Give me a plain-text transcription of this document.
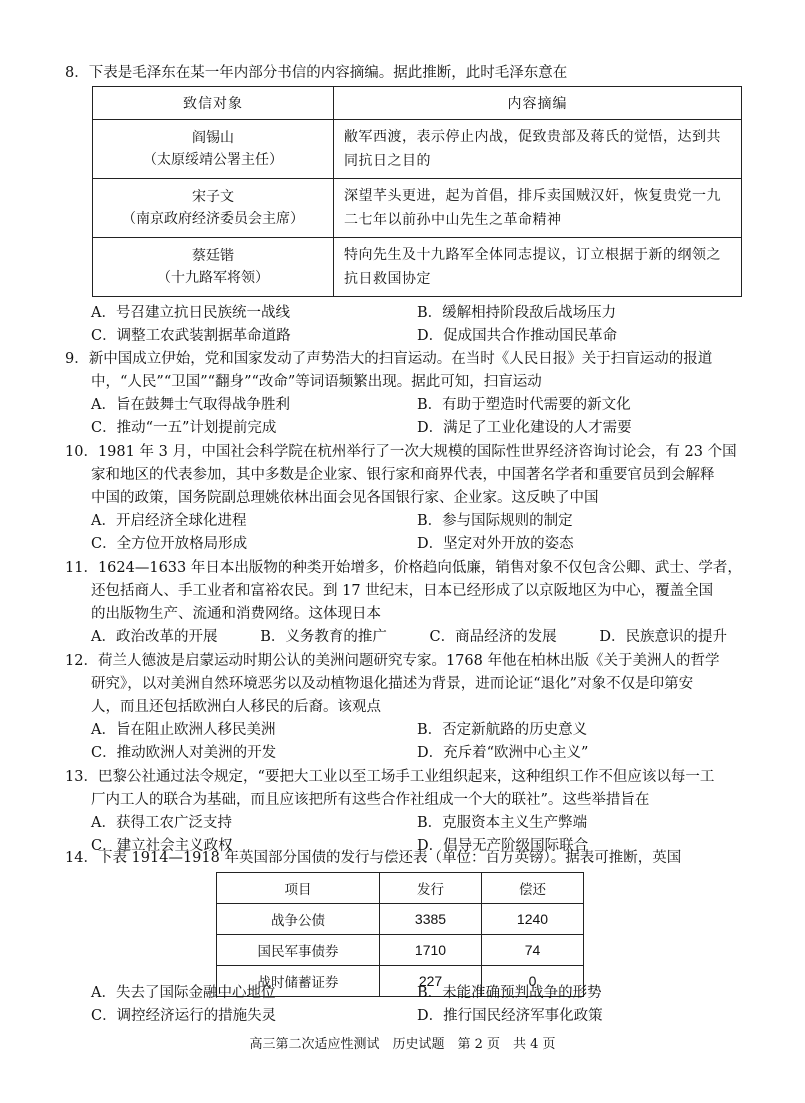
8．下表是毛泽东在某一年内部分书信的内容摘编。据此推断，此时毛泽东意在

致信对象	内容摘编

阎锡山
（太原绥靖公署主任）	敝军西渡，表示停止内战，促致贵部及蒋氏的觉悟，达到共同抗日之目的

宋子文
（南京政府经济委员会主席）	深望芊头更进，起为首倡，排斥卖国贼汉奸，恢复贵党一九二七年以前孙中山先生之革命精神

蔡廷锴
（十九路军将领）	特向先生及十九路军全体同志提议，订立根据于新的纲领之抗日救国协定
A．号召建立抗日民族统一战线	B．缓解相持阶段敌后战场压力
C．调整工农武装割据革命道路	D．促成国共合作推动国民革命
9．新中国成立伊始，党和国家发动了声势浩大的扫盲运动。在当时《人民日报》关于扫盲运动的报道
中，“人民”“卫国”“翻身”“改命”等词语频繁出现。据此可知，扫盲运动
A．旨在鼓舞士气取得战争胜利	B．有助于塑造时代需要的新文化
C．推动“一五”计划提前完成	D．满足了工业化建设的人才需要
10．1981 年 3 月，中国社会科学院在杭州举行了一次大规模的国际性世界经济咨询讨论会，有 23 个国
家和地区的代表参加，其中多数是企业家、银行家和商界代表，中国著名学者和重要官员到会解释
中国的政策，国务院副总理姚依林出面会见各国银行家、企业家。这反映了中国
A．开启经济全球化进程	B．参与国际规则的制定
C．全方位开放格局形成	D．坚定对外开放的姿态
11．1624—1633 年日本出版物的种类开始增多，价格趋向低廉，销售对象不仅包含公卿、武士、学者，
还包括商人、手工业者和富裕农民。到 17 世纪末，日本已经形成了以京阪地区为中心，覆盖全国
的出版物生产、流通和消费网络。这体现日本
A．政治改革的开展	B．义务教育的推广	C．商品经济的发展	D．民族意识的提升
12．荷兰人德波是启蒙运动时期公认的美洲问题研究专家。1768 年他在柏林出版《关于美洲人的哲学
研究》，以对美洲自然环境恶劣以及动植物退化描述为背景，进而论证“退化”对象不仅是印第安
人，而且还包括欧洲白人移民的后裔。该观点
A．旨在阻止欧洲人移民美洲	B．否定新航路的历史意义
C．推动欧洲人对美洲的开发	D．充斥着“欧洲中心主义”
13．巴黎公社通过法令规定，“要把大工业以至工场手工业组织起来，这种组织工作不但应该以每一工
厂内工人的联合为基础，而且应该把所有这些合作社组成一个大的联社”。这些举措旨在
A．获得工农广泛支持	B．克服资本主义生产弊端
C．建立社会主义政权	D．倡导无产阶级国际联合

14．下表 1914—1918 年英国部分国债的发行与偿还表（单位：百万英镑）。据表可推断，英国

项目	发行	偿还
战争公债	3385	1240
国民军事债券	1710	74
战时储蓄证券	227	0
A．失去了国际金融中心地位	B．未能准确预判战争的形势
C．调控经济运行的措施失灵	D．推行国民经济军事化政策
高三第二次适应性测试　历史试题　第 2 页　共 4 页
